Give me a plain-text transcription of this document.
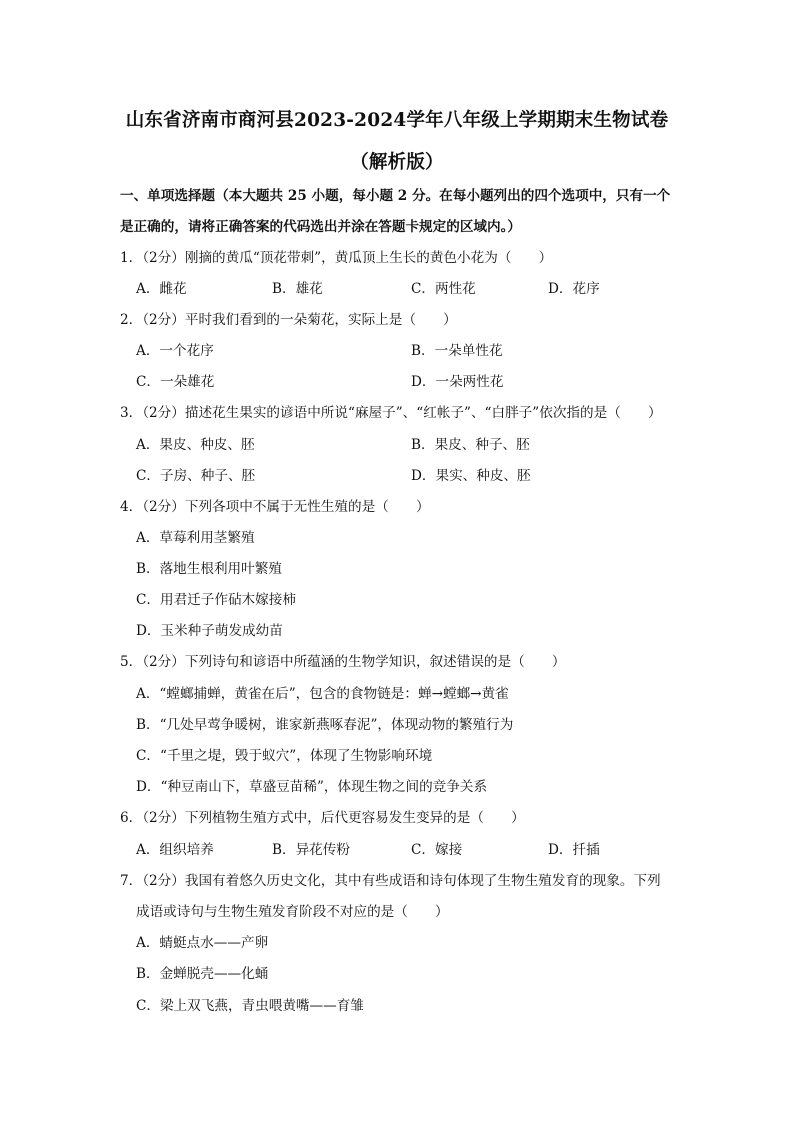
山东省济南市商河县2023-2024学年八年级上学期期末生物试卷
（解析版）
一、单项选择题（本大题共 25 小题，每小题 2 分。在每小题列出的四个选项中，只有一个
是正确的，请将正确答案的代码选出并涂在答题卡规定的区域内。）
1．（2分）刚摘的黄瓜“顶花带刺”，黄瓜顶上生长的黄色小花为（　　）
A．雌花	B．雄花	C．两性花	D．花序
2．（2分）平时我们看到的一朵菊花，实际上是（　　）
A．一个花序	B．一朵单性花
C．一朵雄花	D．一朵两性花
3．（2分）描述花生果实的谚语中所说“麻屋子”、“红帐子”、“白胖子”依次指的是（　　）
A．果皮、种皮、胚	B．果皮、种子、胚
C．子房、种子、胚	D．果实、种皮、胚
4．（2分）下列各项中不属于无性生殖的是（　　）
A．草莓利用茎繁殖
B．落地生根利用叶繁殖
C．用君迁子作砧木嫁接柿
D．玉米种子萌发成幼苗
5．（2分）下列诗句和谚语中所蕴涵的生物学知识，叙述错误的是（　　）
A．“螳螂捕蝉，黄雀在后”，包含的食物链是：蝉→螳螂→黄雀
B．“几处早莺争暖树，谁家新燕啄春泥”，体现动物的繁殖行为
C．“千里之堤，毁于蚁穴”，体现了生物影响环境
D．“种豆南山下，草盛豆苗稀”，体现生物之间的竞争关系
6．（2分）下列植物生殖方式中，后代更容易发生变异的是（　　）
A．组织培养	B．异花传粉	C．嫁接	D．扦插
7．（2分）我国有着悠久历史文化，其中有些成语和诗句体现了生物生殖发育的现象。下列
成语或诗句与生物生殖发育阶段不对应的是（　　）
A．蜻蜓点水——产卵
B．金蝉脱壳——化蛹
C．梁上双飞燕，青虫喂黄嘴——育雏
